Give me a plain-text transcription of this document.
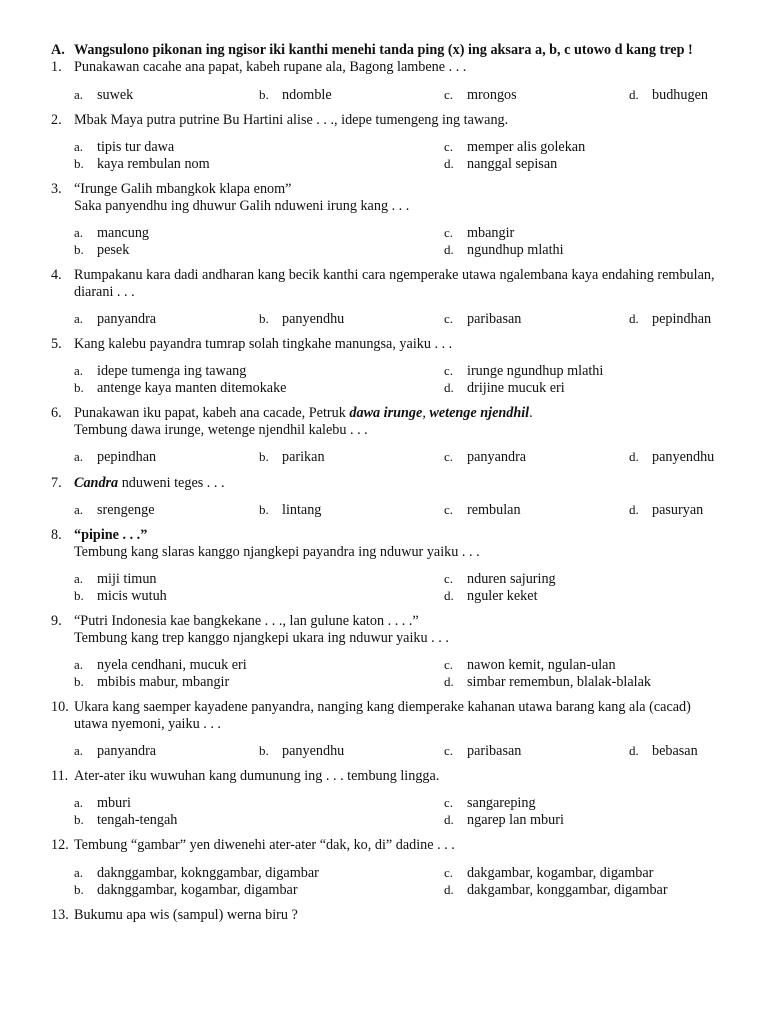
A. Wangsulono pikonan ing ngisor iki kanthi menehi tanda ping (x) ing aksara a, b, c utowo d kang trep !
1. Punakawan cacahe ana papat, kabeh rupane ala, Bagong lambene . . .
a. suwek	b. ndomble	c. mrongos	d. budhugen
2. Mbak Maya putra putrine Bu Hartini alise . . ., idepe tumengeng ing tawang.
a. tipis tur dawa
b. kaya rembulan nom
c. memper alis golekan
d. nanggal sepisan
3. “Irunge Galih mbangkok klapa enom”
Saka panyendhu ing dhuwur Galih nduweni irung kang . . .
a. mancung
b. pesek
c. mbangir
d. ngundhup mlathi
4. Rumpakanu kara dadi andharan kang becik kanthi cara ngemperake utawa ngalembana kaya endahing rembulan,
diarani . . .
a. panyandra	b. panyendhu	c. paribasan	d. pepindhan
5. Kang kalebu payandra tumrap solah tingkahe manungsa, yaiku . . .
a. idepe tumenga ing tawang
b. antenge kaya manten ditemokake
c. irunge ngundhup mlathi
d. drijine mucuk eri
6. Punakawan iku papat, kabeh ana cacade, Petruk dawa irunge, wetenge njendhil.
Tembung dawa irunge, wetenge njendhil kalebu . . .
a. pepindhan	b. parikan	c. panyandra	d. panyendhu
7. Candra nduweni teges . . .
a. srengenge	b. lintang	c. rembulan	d. pasuryan
8. “pipine . . .”
Tembung kang slaras kanggo njangkepi payandra ing nduwur yaiku . . .
a. miji timun
b. micis wutuh
c. nduren sajuring
d. nguler keket
9. “Putri Indonesia kae bangkekane . . ., lan gulune katon . . . .”
Tembung kang trep kanggo njangkepi ukara ing nduwur yaiku . . .
a. nyela cendhani, mucuk eri
b. mbibis mabur, mbangir
c. nawon kemit, ngulan-ulan
d. simbar remembun, blalak-blalak
10. Ukara kang saemper kayadene panyandra, nanging kang diemperake kahanan utawa barang kang ala (cacad)
utawa nyemoni, yaiku . . .
a. panyandra	b. panyendhu	c. paribasan	d. bebasan
11. Ater-ater iku wuwuhan kang dumunung ing . . . tembung lingga.
a. mburi
b. tengah-tengah
c. sangareping
d. ngarep lan mburi
12. Tembung “gambar” yen diwenehi ater-ater “dak, ko, di” dadine . . .
a. daknggambar, koknggambar, digambar
b. daknggambar, kogambar, digambar
c. dakgambar, kogambar, digambar
d. dakgambar, konggambar, digambar
13. Bukumu apa wis (sampul) werna biru ?
